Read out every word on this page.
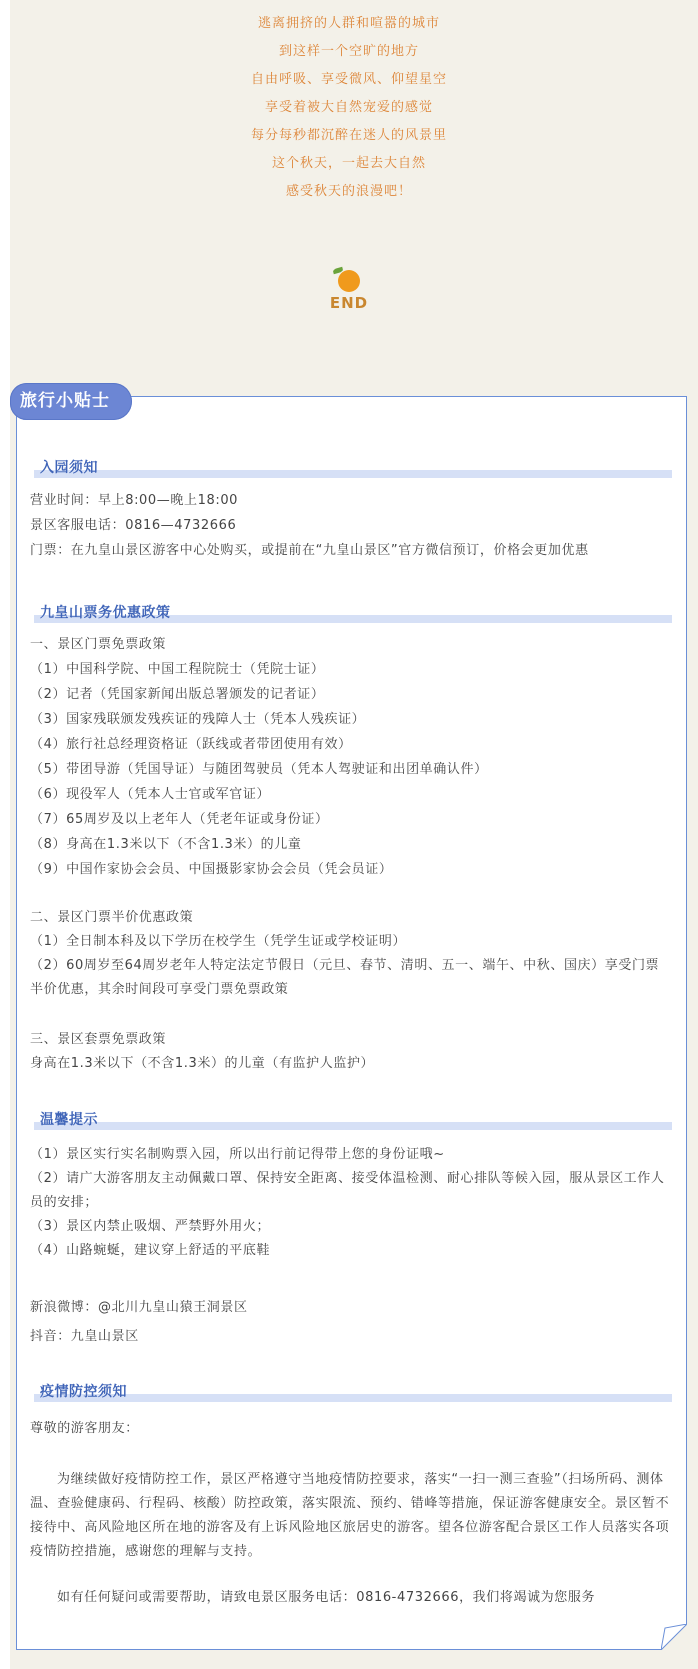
逃离拥挤的人群和喧嚣的城市
到这样一个空旷的地方
自由呼吸、享受微风、仰望星空
享受着被大自然宠爱的感觉
每分每秒都沉醉在迷人的风景里
这个秋天，一起去大自然
感受秋天的浪漫吧！
END
旅行小贴士
入园须知
营业时间：早上8:00—晚上18:00
景区客服电话：0816—4732666
门票：在九皇山景区游客中心处购买，或提前在“九皇山景区”官方微信预订，价格会更加优惠
九皇山票务优惠政策
一、景区门票免票政策
（1）中国科学院、中国工程院院士（凭院士证）
（2）记者（凭国家新闻出版总署颁发的记者证）
（3）国家残联颁发残疾证的残障人士（凭本人残疾证）
（4）旅行社总经理资格证（跃线或者带团使用有效）
（5）带团导游（凭国导证）与随团驾驶员（凭本人驾驶证和出团单确认件）
（6）现役军人（凭本人士官或军官证）
（7）65周岁及以上老年人（凭老年证或身份证）
（8）身高在1.3米以下（不含1.3米）的儿童
（9）中国作家协会会员、中国摄影家协会会员（凭会员证）
二、景区门票半价优惠政策
（1）全日制本科及以下学历在校学生（凭学生证或学校证明）
（2）60周岁至64周岁老年人特定法定节假日（元旦、春节、清明、五一、端午、中秋、国庆）享受门票半价优惠，其余时间段可享受门票免票政策
三、景区套票免票政策
身高在1.3米以下（不含1.3米）的儿童（有监护人监护）
温馨提示
（1）景区实行实名制购票入园，所以出行前记得带上您的身份证哦~
（2）请广大游客朋友主动佩戴口罩、保持安全距离、接受体温检测、耐心排队等候入园，服从景区工作人员的安排；
（3）景区内禁止吸烟、严禁野外用火；
（4）山路蜿蜒，建议穿上舒适的平底鞋
新浪微博：@北川九皇山猿王洞景区
抖音：九皇山景区
疫情防控须知
尊敬的游客朋友：
为继续做好疫情防控工作，景区严格遵守当地疫情防控要求，落实“一扫一测三查验”（扫场所码、测体温、查验健康码、行程码、核酸）防控政策，落实限流、预约、错峰等措施，保证游客健康安全。景区暂不接待中、高风险地区所在地的游客及有上诉风险地区旅居史的游客。望各位游客配合景区工作人员落实各项疫情防控措施，感谢您的理解与支持。
如有任何疑问或需要帮助，请致电景区服务电话：0816-4732666，我们将竭诚为您服务
